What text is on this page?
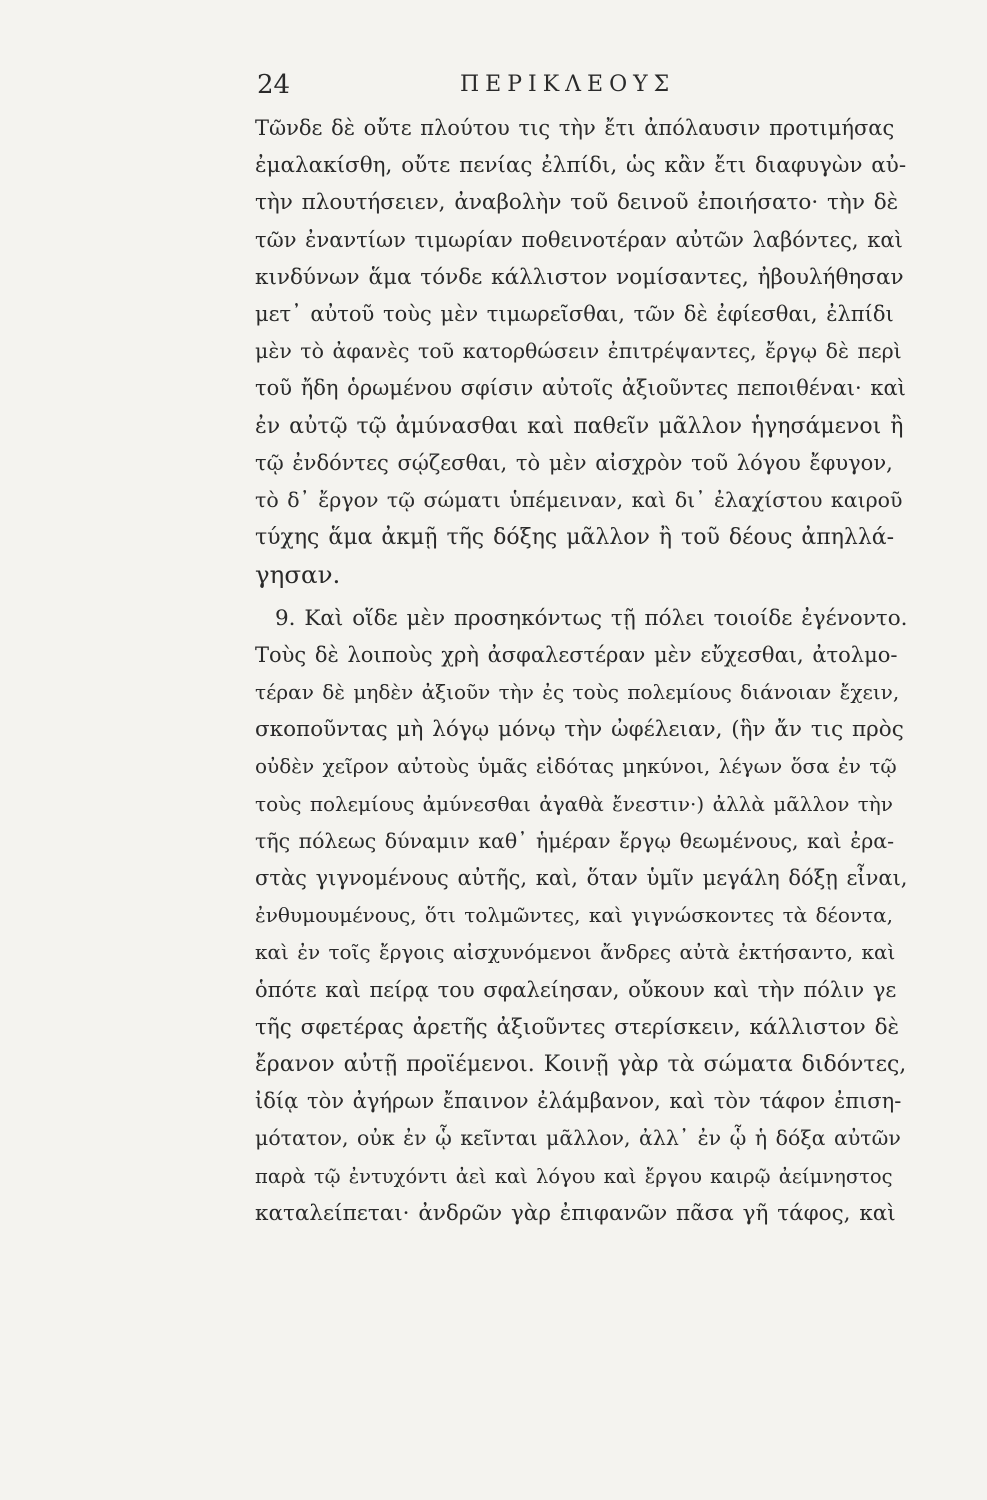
24	ΠΕΡΙΚΛΕΟΥΣ
Τῶνδε δὲ οὔτε πλούτου τις τὴν ἔτι ἀπόλαυσιν προτιμήσας
ἐμαλακίσθη, οὔτε πενίας ἐλπίδι, ὡς κἂν ἔτι διαφυγὼν αὐ-
τὴν πλουτήσειεν, ἀναβολὴν τοῦ δεινοῦ ἐποιήσατο· τὴν δὲ
τῶν ἐναντίων τιμωρίαν ποθεινοτέραν αὐτῶν λαβόντες, καὶ
κινδύνων ἅμα τόνδε κάλλιστον νομίσαντες, ἠβουλήθησαν
μετ᾽ αὐτοῦ τοὺς μὲν τιμωρεῖσθαι, τῶν δὲ ἐφίεσθαι, ἐλπίδι
μὲν τὸ ἀφανὲς τοῦ κατορθώσειν ἐπιτρέψαντες, ἔργῳ δὲ περὶ
τοῦ ἤδη ὁρωμένου σφίσιν αὐτοῖς ἀξιοῦντες πεποιθέναι· καὶ
ἐν αὐτῷ τῷ ἀμύνασθαι καὶ παθεῖν μᾶλλον ἡγησάμενοι ἢ
τῷ ἐνδόντες σῴζεσθαι, τὸ μὲν αἰσχρὸν τοῦ λόγου ἔφυγον,
τὸ δ᾽ ἔργον τῷ σώματι ὑπέμειναν, καὶ δι᾽ ἐλαχίστου καιροῦ
τύχης ἅμα ἀκμῇ τῆς δόξης μᾶλλον ἢ τοῦ δέους ἀπηλλά-
γησαν.
9. Καὶ οἵδε μὲν προσηκόντως τῇ πόλει τοιοίδε ἐγένοντο.
Τοὺς δὲ λοιποὺς χρὴ ἀσφαλεστέραν μὲν εὔχεσθαι, ἀτολμο-
τέραν δὲ μηδὲν ἀξιοῦν τὴν ἐς τοὺς πολεμίους διάνοιαν ἔχειν,
σκοποῦντας μὴ λόγῳ μόνῳ τὴν ὠφέλειαν, (ἣν ἄν τις πρὸς
οὐδὲν χεῖρον αὐτοὺς ὑμᾶς εἰδότας μηκύνοι, λέγων ὅσα ἐν τῷ
τοὺς πολεμίους ἀμύνεσθαι ἀγαθὰ ἔνεστιν·) ἀλλὰ μᾶλλον τὴν
τῆς πόλεως δύναμιν καθ᾽ ἡμέραν ἔργῳ θεωμένους, καὶ ἐρα-
στὰς γιγνομένους αὐτῆς, καὶ, ὅταν ὑμῖν μεγάλη δόξῃ εἶναι,
ἐνθυμουμένους, ὅτι τολμῶντες, καὶ γιγνώσκοντες τὰ δέοντα,
καὶ ἐν τοῖς ἔργοις αἰσχυνόμενοι ἄνδρες αὐτὰ ἐκτήσαντο, καὶ
ὁπότε καὶ πείρᾳ του σφαλείησαν, οὔκουν καὶ τὴν πόλιν γε
τῆς σφετέρας ἀρετῆς ἀξιοῦντες στερίσκειν, κάλλιστον δὲ
ἔρανον αὐτῇ προϊέμενοι. Κοινῇ γὰρ τὰ σώματα διδόντες,
ἰδίᾳ τὸν ἀγήρων ἔπαινον ἐλάμβανον, καὶ τὸν τάφον ἐπιση-
μότατον, οὐκ ἐν ᾧ κεῖνται μᾶλλον, ἀλλ᾽ ἐν ᾧ ἡ δόξα αὐτῶν
παρὰ τῷ ἐντυχόντι ἀεὶ καὶ λόγου καὶ ἔργου καιρῷ ἀείμνηστος
καταλείπεται· ἀνδρῶν γὰρ ἐπιφανῶν πᾶσα γῆ τάφος, καὶ
